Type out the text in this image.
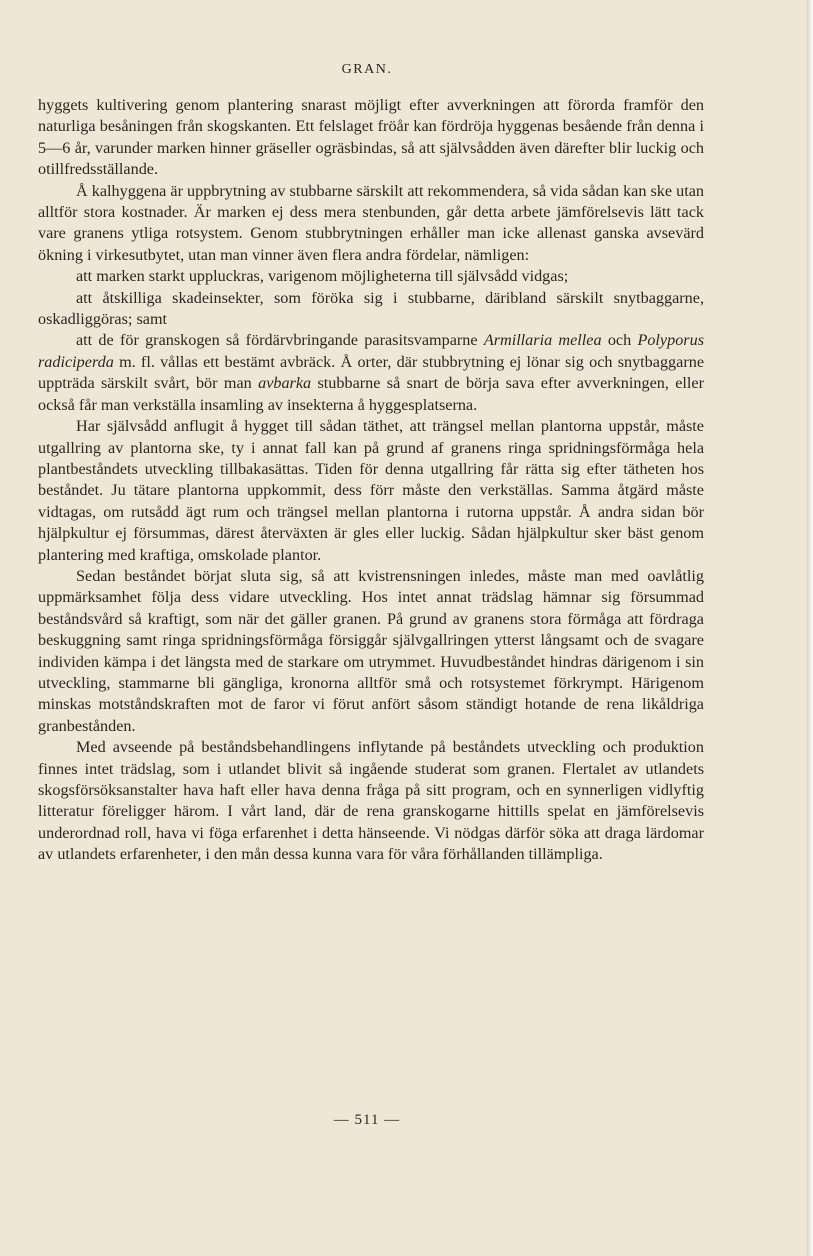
GRAN.

hyggets kultivering genom plantering snarast möjligt efter avverkningen att förorda framför den naturliga besåningen från skogskanten. Ett felslaget fröår kan fördröja hyggenas besående från denna i 5—6 år, varunder marken hinner gräseller ogräsbindas, så att självsådden även därefter blir luckig och otillfredsställande.

Å kalhyggena är uppbrytning av stubbarne särskilt att rekommendera, så vida sådan kan ske utan alltför stora kostnader. Är marken ej dess mera stenbunden, går detta arbete jämförelsevis lätt tack vare granens ytliga rotsystem. Genom stubbrytningen erhåller man icke allenast ganska avsevärd ökning i virkesutbytet, utan man vinner även flera andra fördelar, nämligen:

att marken starkt uppluckras, varigenom möjligheterna till självsådd vidgas;

att åtskilliga skadeinsekter, som föröka sig i stubbarne, däribland särskilt snytbaggarne, oskadliggöras; samt

att de för granskogen så fördärvbringande parasitsvamparne Armillaria mellea och Polyporus radiciperda m. fl. vållas ett bestämt avbräck. Å orter, där stubbrytning ej lönar sig och snytbaggarne uppträda särskilt svårt, bör man avbarka stubbarne så snart de börja sava efter avverkningen, eller också får man verkställa insamling av insekterna å hyggesplatserna.

Har självsådd anflugit å hygget till sådan täthet, att trängsel mellan plantorna uppstår, måste utgallring av plantorna ske, ty i annat fall kan på grund af granens ringa spridningsförmåga hela plantbeståndets utveckling tillbakasättas. Tiden för denna utgallring får rätta sig efter tätheten hos beståndet. Ju tätare plantorna uppkommit, dess förr måste den verkställas. Samma åtgärd måste vidtagas, om rutsådd ägt rum och trängsel mellan plantorna i rutorna uppstår. Å andra sidan bör hjälpkultur ej försummas, därest återväxten är gles eller luckig. Sådan hjälpkultur sker bäst genom plantering med kraftiga, omskolade plantor.

Sedan beståndet börjat sluta sig, så att kvistrensningen inledes, måste man med oavlåtlig uppmärksamhet följa dess vidare utveckling. Hos intet annat trädslag hämnar sig försummad beståndsvård så kraftigt, som när det gäller granen. På grund av granens stora förmåga att fördraga beskuggning samt ringa spridningsförmåga försiggår självgallringen ytterst långsamt och de svagare individen kämpa i det längsta med de starkare om utrymmet. Huvudbeståndet hindras därigenom i sin utveckling, stammarne bli gängliga, kronorna alltför små och rotsystemet förkrympt. Härigenom minskas motståndskraften mot de faror vi förut anfört såsom ständigt hotande de rena likåldriga granbestånden.

Med avseende på beståndsbehandlingens inflytande på beståndets utveckling och produktion finnes intet trädslag, som i utlandet blivit så ingående studerat som granen. Flertalet av utlandets skogsförsöksanstalter hava haft eller hava denna fråga på sitt program, och en synnerligen vidlyftig litteratur föreligger härom. I vårt land, där de rena granskogarne hittills spelat en jämförelsevis underordnad roll, hava vi föga erfarenhet i detta hänseende. Vi nödgas därför söka att draga lärdomar av utlandets erfarenheter, i den mån dessa kunna vara för våra förhållanden tillämpliga.

— 511 —
